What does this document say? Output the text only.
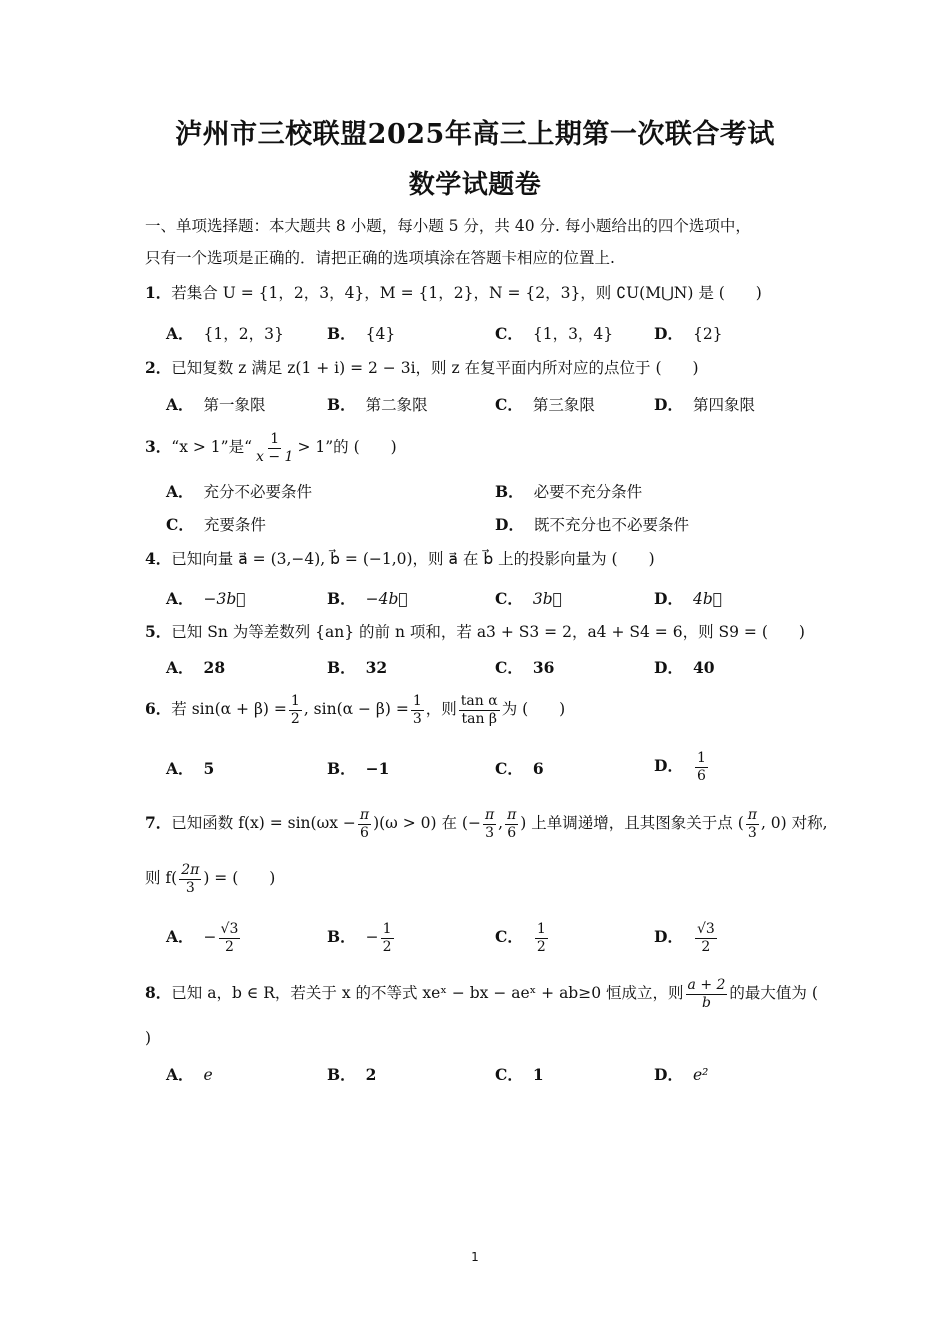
泸州市三校联盟2025年高三上期第一次联合考试
数学试题卷
一、单项选择题：本大题共 8 小题，每小题 5 分，共 40 分. 每小题给出的四个选项中，
只有一个选项是正确的．请把正确的选项填涂在答题卡相应的位置上.
1．若集合 U = {1，2，3，4}，M = {1，2}，N = {2，3}，则 ∁U(M⋃N) 是 (　　)
A． {1，2，3}	B． {4}	C． {1，3，4}	D． {2}
2．已知复数 z 满足 z(1 + i) = 2 − 3i，则 z 在复平面内所对应的点位于 (　　)
A． 第一象限	B． 第二象限	C． 第三象限	D． 第四象限
3．“x > 1”是“ $\frac{1}{x - 1} > 1$”的 (　　)
A． 充分不必要条件	B． 必要不充分条件
C． 充要条件	D． 既不充分也不必要条件
4．已知向量 a⃗ = (3,−4), b⃗ = (−1,0)，则 a⃗ 在 b⃗ 上的投影向量为 (　　)
A． −3b⃗	B． −4b⃗	C． 3b⃗	D． 4b⃗
5．已知 Sn 为等差数列 {an} 的前 n 项和，若 a3 + S3 = 2，a4 + S4 = 6，则 S9 = (　　)
A． 28	B． 32	C． 36	D． 40
6．若 $\sin(\alpha + \beta) = \frac{1}{2}$ , $\sin(\alpha - \beta) = \frac{1}{3}$ ，则 $\frac{\text{tan α}}{\text{tan β}}$ 为 (　　)
A． 5	B． −1	C． 6	D． $\frac{1}{6}$
7．已知函数 $f(x) = \sin(\omega x - \frac{\pi}{6} )(\omega > 0)$ 在 (− $\frac{\pi}{3}$ , $\frac{\pi}{6}$ ) 上单调递增，且其图象关于点 ( $\frac{\pi}{3}$ , 0) 对称,
则 $f( \frac{2\pi}{3}$ ) = (　　)
A． − $\frac{√3}{2}$	B． − $\frac{1}{2}$	C． $\frac{1}{2}$	D． $\frac{√3}{2}$
8．已知 a，b ∈ R，若关于 x 的不等式 xeˣ − bx − aeˣ + ab≥0 恒成立，则 $\frac{a + 2}{b}$ 的最大值为 (
)
A． e	B． 2	C． 1	D． e²
1
